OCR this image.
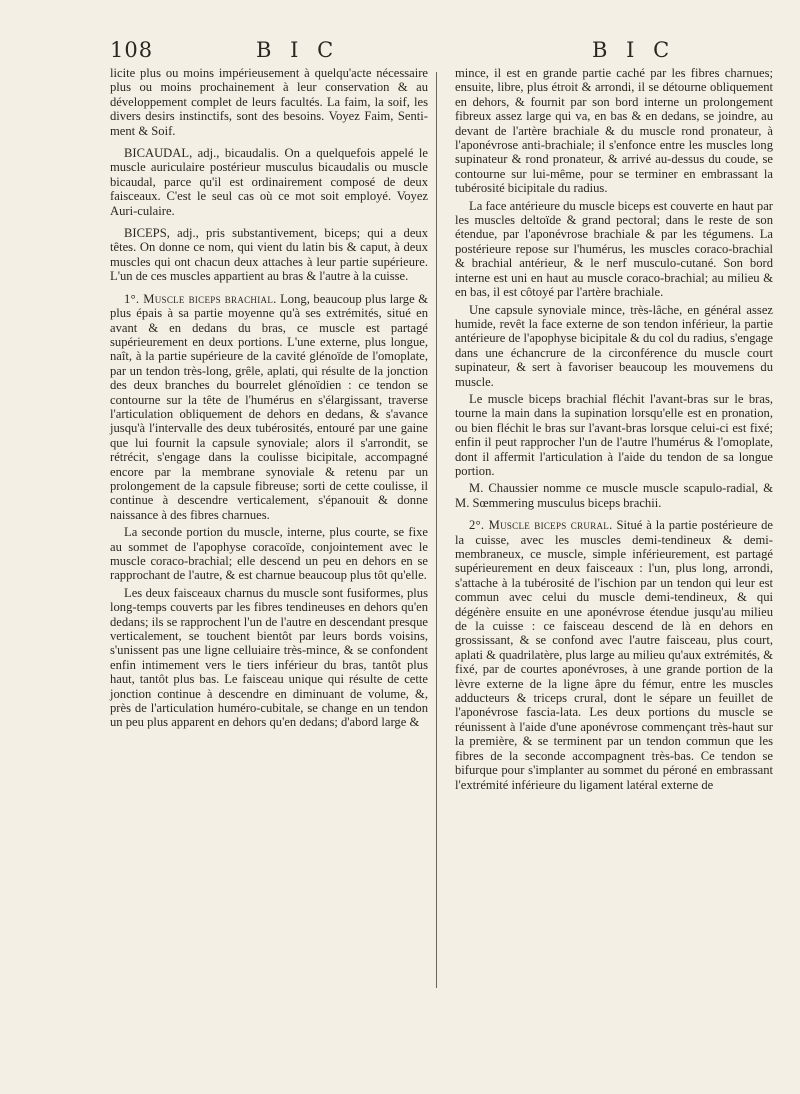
108	B I C	B I C

licite plus ou moins impérieusement à quelqu'acte nécessaire plus ou moins prochainement à leur conservation & au développement complet de leurs facultés. La faim, la soif, les divers desirs instinctifs, sont des besoins. Voyez Faim, Senti-ment & Soif.

BICAUDAL, adj., bicaudalis. On a quelquefois appelé le muscle auriculaire postérieur musculus bicaudalis ou muscle bicaudal, parce qu'il est ordinairement composé de deux faisceaux. C'est le seul cas où ce mot soit employé. Voyez Auri-culaire.

BICEPS, adj., pris substantivement, biceps; qui a deux têtes. On donne ce nom, qui vient du latin bis & caput, à deux muscles qui ont chacun deux attaches à leur partie supérieure. L'un de ces muscles appartient au bras & l'autre à la cuisse.

1°. Muscle biceps brachial. Long, beaucoup plus large & plus épais à sa partie moyenne qu'à ses extrémités, situé en avant & en dedans du bras, ce muscle est partagé supérieurement en deux portions. L'une externe, plus longue, naît, à la partie supérieure de la cavité glénoïde de l'omoplate, par un tendon très-long, grêle, aplati, qui résulte de la jonction des deux branches du bourrelet glénoïdien : ce tendon se contourne sur la tête de l'humérus en s'élargissant, traverse l'articulation obliquement de dehors en dedans, & s'avance jusqu'à l'intervalle des deux tubérosités, entouré par une gaine que lui fournit la capsule synoviale; alors il s'arrondit, se rétrécit, s'engage dans la coulisse bicipitale, accompagné encore par la membrane synoviale & retenu par un prolongement de la capsule fibreuse; sorti de cette coulisse, il continue à descendre verticalement, s'épanouit & donne naissance à des fibres charnues.

La seconde portion du muscle, interne, plus courte, se fixe au sommet de l'apophyse coracoïde, conjointement avec le muscle coraco-brachial; elle descend un peu en dehors en se rapprochant de l'autre, & est charnue beaucoup plus tôt qu'elle.

Les deux faisceaux charnus du muscle sont fusiformes, plus long-temps couverts par les fibres tendineuses en dehors qu'en dedans; ils se rapprochent l'un de l'autre en descendant presque verticalement, se touchent bientôt par leurs bords voisins, s'unissent pas une ligne celluiaire très-mince, & se confondent enfin intimement vers le tiers inférieur du bras, tantôt plus haut, tantôt plus bas. Le faisceau unique qui résulte de cette jonction continue à descendre en diminuant de volume, &, près de l'articulation huméro-cubitale, se change en un tendon un peu plus apparent en dehors qu'en dedans; d'abord large &

mince, il est en grande partie caché par les fibres charnues; ensuite, libre, plus étroit & arrondi, il se détourne obliquement en dehors, & fournit par son bord interne un prolongement fibreux assez large qui va, en bas & en dedans, se joindre, au devant de l'artère brachiale & du muscle rond pronateur, à l'aponévrose anti-brachiale; il s'enfonce entre les muscles long supinateur & rond pronateur, & arrivé au-dessus du coude, se contourne sur lui-même, pour se terminer en embrassant la tubérosité bicipitale du radius.

La face antérieure du muscle biceps est couverte en haut par les muscles deltoïde & grand pectoral; dans le reste de son étendue, par l'aponévrose brachiale & par les tégumens. La postérieure repose sur l'humérus, les muscles coraco-brachial & brachial antérieur, & le nerf musculo-cutané. Son bord interne est uni en haut au muscle coraco-brachial; au milieu & en bas, il est côtoyé par l'artère brachiale.

Une capsule synoviale mince, très-lâche, en général assez humide, revêt la face externe de son tendon inférieur, la partie antérieure de l'apophyse bicipitale & du col du radius, s'engage dans une échancrure de la circonférence du muscle court supinateur, & sert à favoriser beaucoup les mouvemens du muscle.

Le muscle biceps brachial fléchit l'avant-bras sur le bras, tourne la main dans la supination lorsqu'elle est en pronation, ou bien fléchit le bras sur l'avant-bras lorsque celui-ci est fixé; enfin il peut rapprocher l'un de l'autre l'humérus & l'omoplate, dont il affermit l'articulation à l'aide du tendon de sa longue portion.

M. Chaussier nomme ce muscle muscle scapulo-radial, & M. Sœmmering musculus biceps brachii.

2°. Muscle biceps crural. Situé à la partie postérieure de la cuisse, avec les muscles demi-tendineux & demi-membraneux, ce muscle, simple inférieurement, est partagé supérieurement en deux faisceaux : l'un, plus long, arrondi, s'attache à la tubérosité de l'ischion par un tendon qui leur est commun avec celui du muscle demi-tendineux, & qui dégénère ensuite en une aponévrose étendue jusqu'au milieu de la cuisse : ce faisceau descend de là en dehors en grossissant, & se confond avec l'autre faisceau, plus court, aplati & quadrilatère, plus large au milieu qu'aux extrémités, & fixé, par de courtes aponévroses, à une grande portion de la lèvre externe de la ligne âpre du fémur, entre les muscles adducteurs & triceps crural, dont le sépare un feuillet de l'aponévrose fascia-lata. Les deux portions du muscle se réunissent à l'aide d'une aponévrose commençant très-haut sur la première, & se terminent par un tendon commun que les fibres de la seconde accompagnent très-bas. Ce tendon se bifurque pour s'implanter au sommet du péroné en embrassant l'extrémité inférieure du ligament latéral externe de
